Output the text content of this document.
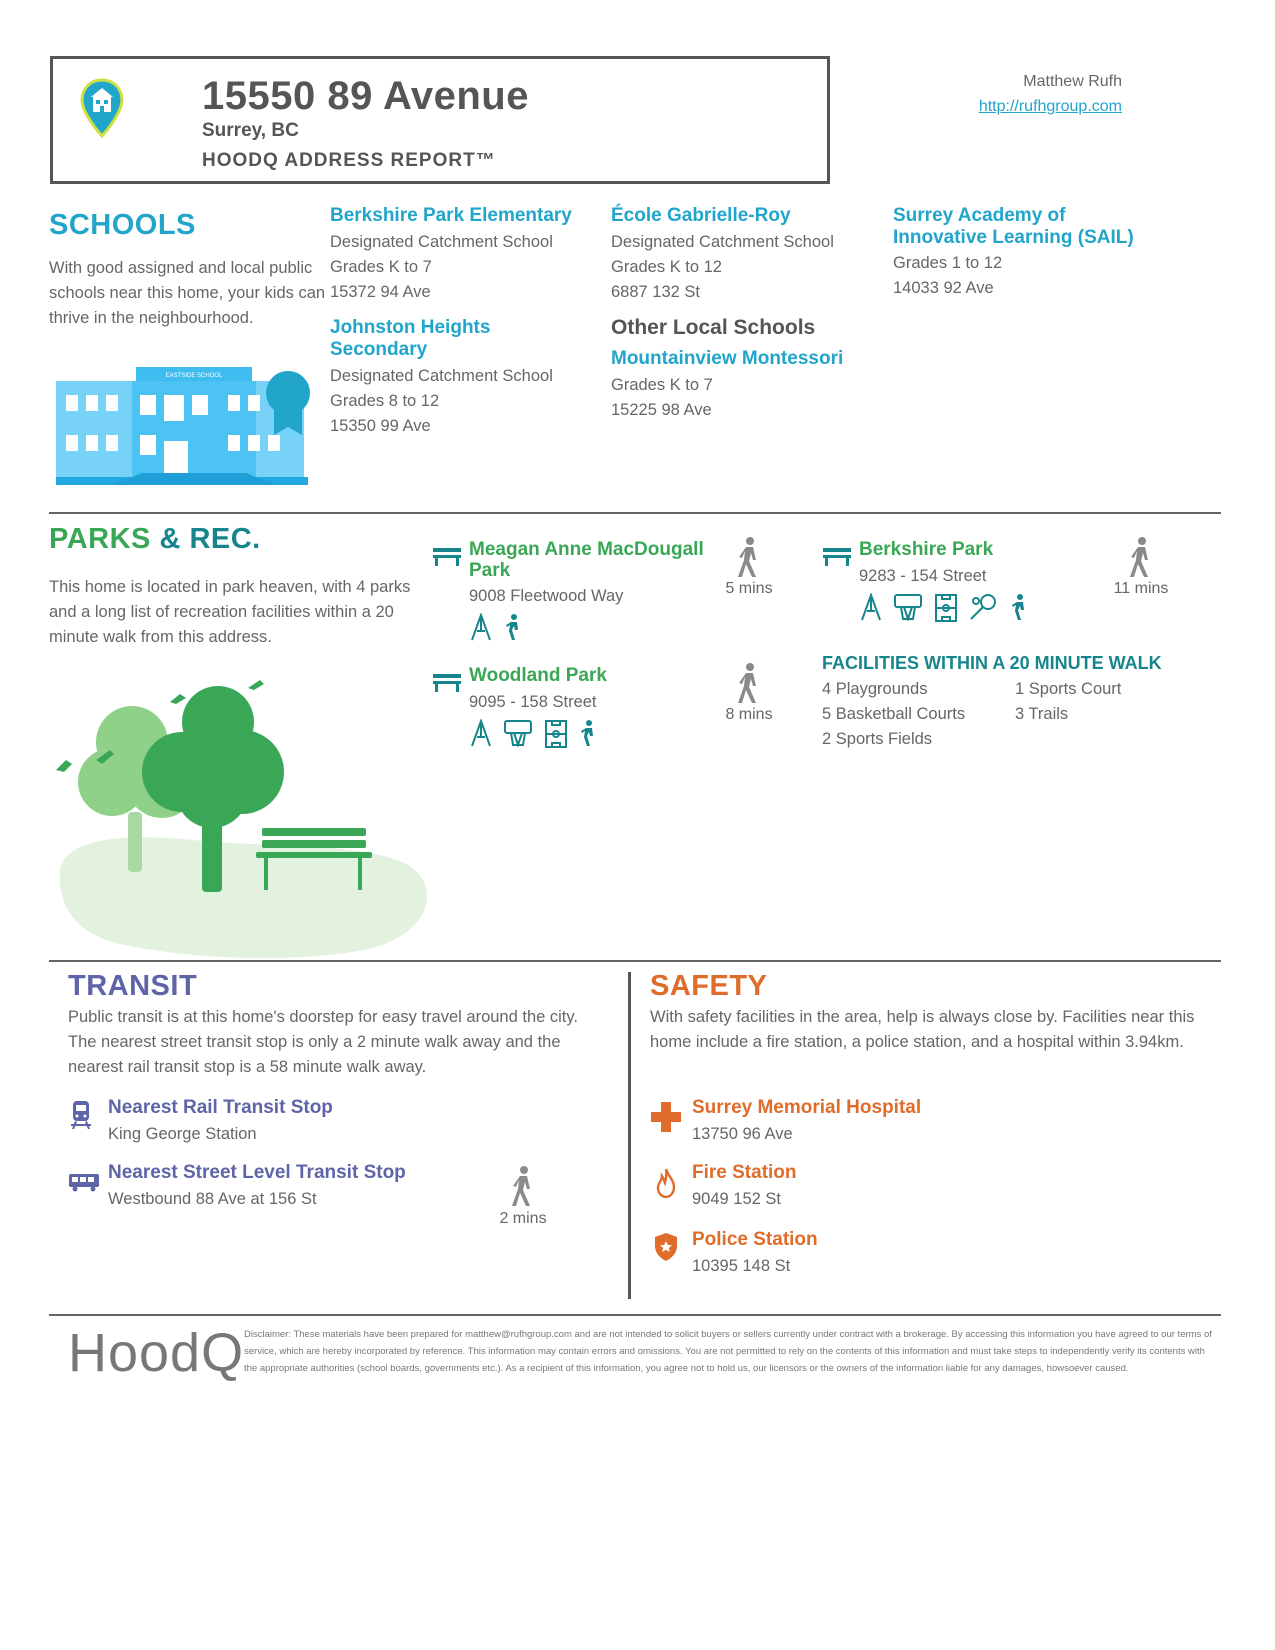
15550 89 Avenue
Surrey, BC
HOODQ ADDRESS REPORT™
Matthew Rufh
http://rufhgroup.com
SCHOOLS
With good assigned and local public schools near this home, your kids can thrive in the neighbourhood.
EASTSIDE SCHOOL
Berkshire Park Elementary
Designated Catchment School
Grades K to 7
15372 94 Ave
École Gabrielle-Roy
Designated Catchment School
Grades K to 12
6887 132 St
Surrey Academy of Innovative Learning (SAIL)
Grades 1 to 12
14033 92 Ave
Johnston Heights Secondary
Designated Catchment School
Grades 8 to 12
15350 99 Ave
Other Local Schools
Mountainview Montessori
Grades K to 7
15225 98 Ave
PARKS & REC.
This home is located in park heaven, with 4 parks and a long list of recreation facilities within a 20 minute walk from this address.
Meagan Anne MacDougall Park
9008 Fleetwood Way
	5 mins
Woodland Park
9095 - 158 Street

8 mins
Berkshire Park
9283 - 154 Street

11 mins
FACILITIES WITHIN A 20 MINUTE WALK
4 Playgrounds
5 Basketball Courts
2 Sports Fields
1 Sports Court
3 Trails
TRANSIT
Public transit is at this home's doorstep for easy travel around the city. The nearest street transit stop is only a 2 minute walk away and the nearest rail transit stop is a 58 minute walk away.
Nearest Rail Transit Stop
King George Station
Nearest Street Level Transit Stop
Westbound 88 Ave at 156 St
2 mins
SAFETY
With safety facilities in the area, help is always close by. Facilities near this home include a fire station, a police station, and a hospital within 3.94km.
Surrey Memorial Hospital
13750 96 Ave
Fire Station
9049 152 St
Police Station
10395 148 St
HoodQ Disclaimer: These materials have been prepared for matthew@rufhgroup.com and are not intended to solicit buyers or sellers currently under contract with a brokerage. By accessing this information you have agreed to our terms of service, which are hereby incorporated by reference. This information may contain errors and omissions. You are not permitted to rely on the contents of this information and must take steps to independently verify its contents with the appropriate authorities (school boards, governments etc.). As a recipient of this information, you agree not to hold us, our licensors or the owners of the information liable for any damages, howsoever caused.
